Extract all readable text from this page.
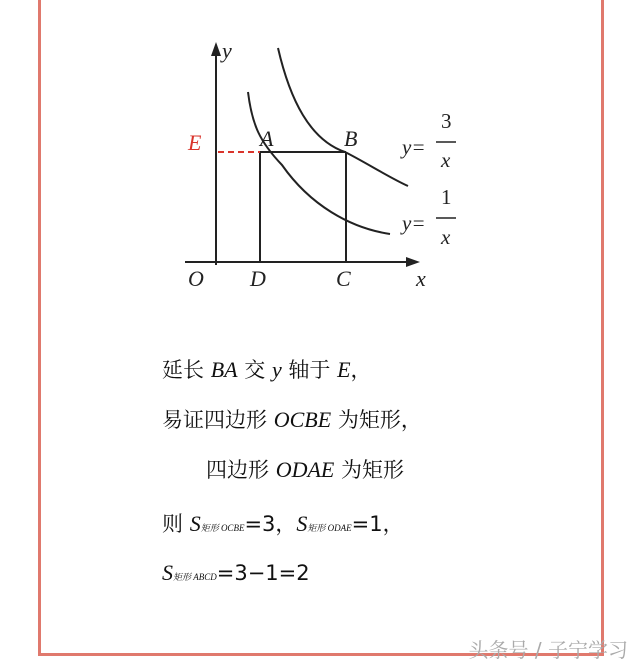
y
x
O
E	A	B
D	C
y=
3
x
y=
1
x
延长 BA 交 y 轴于 E，
易证四边形 OCBE 为矩形，
四边形 ODAE 为矩形
则 S矩形 OCBE=3，S矩形 ODAE=1，
S矩形 ABCD=3−1=2
头条号 / 子宁学习
